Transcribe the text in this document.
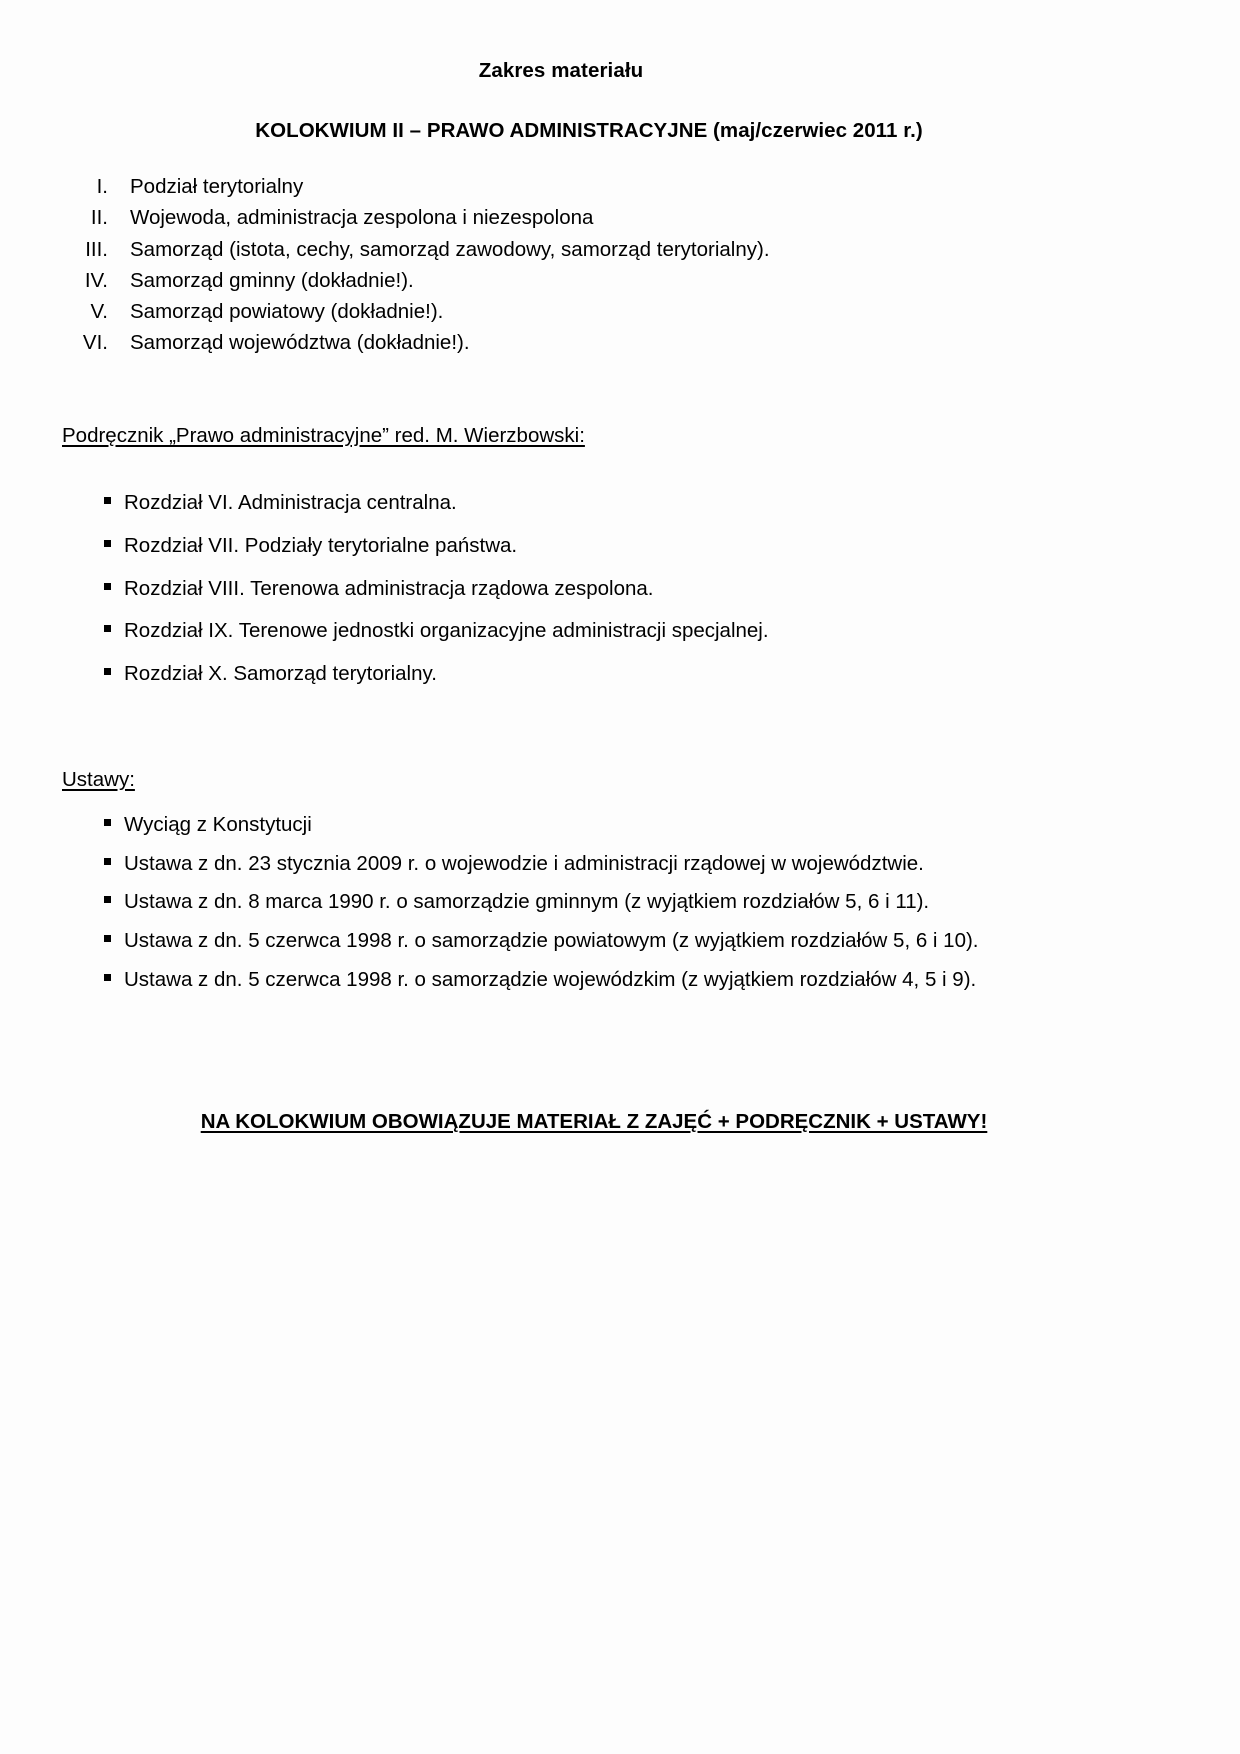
Zakres materiału
KOLOKWIUM II – PRAWO ADMINISTRACYJNE (maj/czerwiec 2011 r.)
I.	Podział terytorialny
II.	Wojewoda, administracja zespolona i niezespolona
III.	Samorząd (istota, cechy, samorząd zawodowy, samorząd terytorialny).
IV.	Samorząd gminny (dokładnie!).
V.	Samorząd powiatowy (dokładnie!).
VI.	Samorząd województwa (dokładnie!).

Podręcznik „Prawo administracyjne” red. M. Wierzbowski:

Rozdział VI. Administracja centralna.
Rozdział VII. Podziały terytorialne państwa.
Rozdział VIII. Terenowa administracja rządowa zespolona.
Rozdział IX. Terenowe jednostki organizacyjne administracji specjalnej.
Rozdział X. Samorząd terytorialny.

Ustawy:

Wyciąg z Konstytucji
Ustawa z dn. 23 stycznia 2009 r. o wojewodzie i administracji rządowej w województwie.
Ustawa z dn. 8 marca 1990 r. o samorządzie gminnym (z wyjątkiem rozdziałów 5, 6 i 11).
Ustawa z dn. 5 czerwca 1998 r. o samorządzie powiatowym (z wyjątkiem rozdziałów 5, 6 i 10).
Ustawa z dn. 5 czerwca 1998 r. o samorządzie wojewódzkim (z wyjątkiem rozdziałów 4, 5 i 9).

NA KOLOKWIUM OBOWIĄZUJE MATERIAŁ Z ZAJĘĆ + PODRĘCZNIK + USTAWY!
